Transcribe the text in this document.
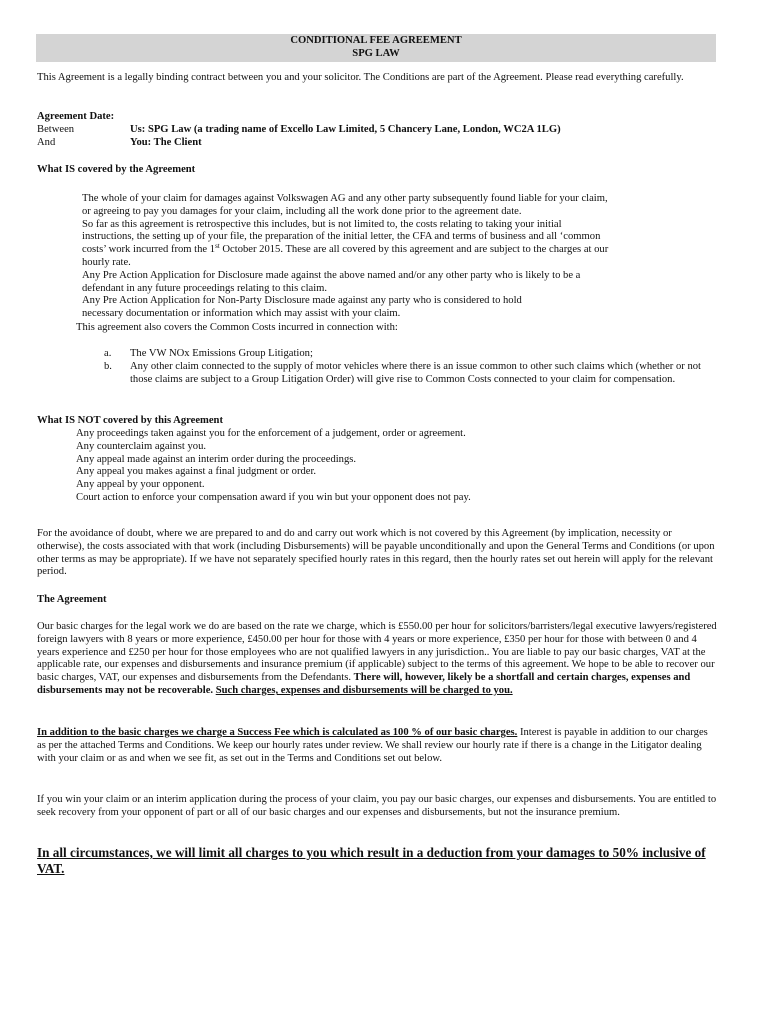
CONDITIONAL FEE AGREEMENT
SPG LAW
This Agreement is a legally binding contract between you and your solicitor. The Conditions are part of the Agreement. Please read everything carefully.
Agreement Date:
Between	Us: SPG Law (a trading name of Excello Law Limited, 5 Chancery Lane, London, WC2A 1LG)
And	You: The Client
What IS covered by the Agreement
The whole of your claim for damages against Volkswagen AG and any other party subsequently found liable for your claim,
or agreeing to pay you damages for your claim, including all the work done prior to the agreement date.
So far as this agreement is retrospective this includes, but is not limited to, the costs relating to taking your initial
instructions, the setting up of your file, the preparation of the initial letter, the CFA and terms of business and all ‘common
costs’ work incurred from the 1st October 2015. These are all covered by this agreement and are subject to the charges at our
hourly rate.
Any Pre Action Application for Disclosure made against the above named and/or any other party who is likely to be a
defendant in any future proceedings relating to this claim.
Any Pre Action Application for Non-Party Disclosure made against any party who is considered to hold
necessary documentation or information which may assist with your claim.
This agreement also covers the Common Costs incurred in connection with:
a.	The VW NOx Emissions Group Litigation;
b.	Any other claim connected to the supply of motor vehicles where there is an issue common to other such claims which (whether or not those claims are subject to a Group Litigation Order) will give rise to Common Costs connected to your claim for compensation.
What IS NOT covered by this Agreement
Any proceedings taken against you for the enforcement of a judgement, order or agreement.
Any counterclaim against you.
Any appeal made against an interim order during the proceedings.
Any appeal you makes against a final judgment or order.
Any appeal by your opponent.
Court action to enforce your compensation award if you win but your opponent does not pay.
For the avoidance of doubt, where we are prepared to and do and carry out work which is not covered by this Agreement (by implication, necessity or otherwise), the costs associated with that work (including Disbursements) will be payable unconditionally and upon the General Terms and Conditions (or upon other terms as may be appropriate). If we have not separately specified hourly rates in this regard, then the hourly rates set out herein will apply for the relevant period.
The Agreement
Our basic charges for the legal work we do are based on the rate we charge, which is £550.00 per hour for solicitors/barristers/legal executive lawyers/registered foreign lawyers with 8 years or more experience, £450.00 per hour for those with 4 years or more experience, £350 per hour for those with between 0 and 4 years experience and £250 per hour for those employees who are not qualified lawyers in any jurisdiction.. You are liable to pay our basic charges, VAT at the applicable rate, our expenses and disbursements and insurance premium (if applicable) subject to the terms of this agreement. We hope to be able to recover our basic charges, VAT, our expenses and disbursements from the Defendants. There will, however, likely be a shortfall and certain charges, expenses and disbursements may not be recoverable. Such charges, expenses and disbursements will be charged to you.
In addition to the basic charges we charge a Success Fee which is calculated as 100 % of our basic charges. Interest is payable in addition to our charges as per the attached Terms and Conditions. We keep our hourly rates under review. We shall review our hourly rate if there is a change in the Litigator dealing with your claim or as and when we see fit, as set out in the Terms and Conditions set out below.
If you win your claim or an interim application during the process of your claim, you pay our basic charges, our expenses and disbursements. You are entitled to seek recovery from your opponent of part or all of our basic charges and our expenses and disbursements, but not the insurance premium.
In all circumstances, we will limit all charges to you which result in a deduction from your damages to 50% inclusive of VAT.
